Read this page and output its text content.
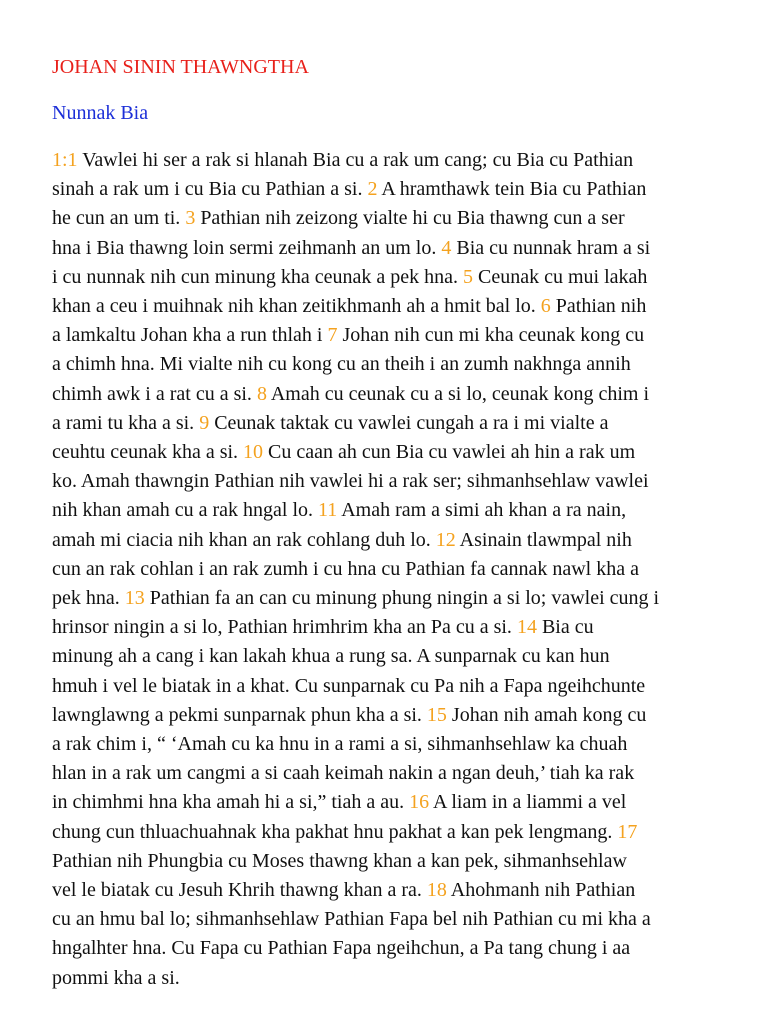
JOHAN SININ THAWNGTHA
Nunnak Bia
1:1 Vawlei hi ser a rak si hlanah Bia cu a rak um cang; cu Bia cu Pathian
sinah a rak um i cu Bia cu Pathian a si. 2 A hramthawk tein Bia cu Pathian
he cun an um ti. 3 Pathian nih zeizong vialte hi cu Bia thawng cun a ser
hna i Bia thawng loin sermi zeihmanh an um lo. 4 Bia cu nunnak hram a si
i cu nunnak nih cun minung kha ceunak a pek hna. 5 Ceunak cu mui lakah
khan a ceu i muihnak nih khan zeitikhmanh ah a hmit bal lo. 6 Pathian nih
a lamkaltu Johan kha a run thlah i 7 Johan nih cun mi kha ceunak kong cu
a chimh hna. Mi vialte nih cu kong cu an theih i an zumh nakhnga annih
chimh awk i a rat cu a si. 8 Amah cu ceunak cu a si lo, ceunak kong chim i
a rami tu kha a si. 9 Ceunak taktak cu vawlei cungah a ra i mi vialte a
ceuhtu ceunak kha a si. 10 Cu caan ah cun Bia cu vawlei ah hin a rak um
ko. Amah thawngin Pathian nih vawlei hi a rak ser; sihmanhsehlaw vawlei
nih khan amah cu a rak hngal lo. 11 Amah ram a simi ah khan a ra nain,
amah mi ciacia nih khan an rak cohlang duh lo. 12 Asinain tlawmpal nih
cun an rak cohlan i an rak zumh i cu hna cu Pathian fa cannak nawl kha a
pek hna. 13 Pathian fa an can cu minung phung ningin a si lo; vawlei cung i
hrinsor ningin a si lo, Pathian hrimhrim kha an Pa cu a si. 14 Bia cu
minung ah a cang i kan lakah khua a rung sa. A sunparnak cu kan hun
hmuh i vel le biatak in a khat. Cu sunparnak cu Pa nih a Fapa ngeihchunte
lawnglawng a pekmi sunparnak phun kha a si. 15 Johan nih amah kong cu
a rak chim i, “ ‘Amah cu ka hnu in a rami a si, sihmanhsehlaw ka chuah
hlan in a rak um cangmi a si caah keimah nakin a ngan deuh,’ tiah ka rak
in chimhmi hna kha amah hi a si,” tiah a au. 16 A liam in a liammi a vel
chung cun thluachuahnak kha pakhat hnu pakhat a kan pek lengmang. 17
Pathian nih Phungbia cu Moses thawng khan a kan pek, sihmanhsehlaw
vel le biatak cu Jesuh Khrih thawng khan a ra. 18 Ahohmanh nih Pathian
cu an hmu bal lo; sihmanhsehlaw Pathian Fapa bel nih Pathian cu mi kha a
hngalhter hna. Cu Fapa cu Pathian Fapa ngeihchun, a Pa tang chung i aa
pommi kha a si.
